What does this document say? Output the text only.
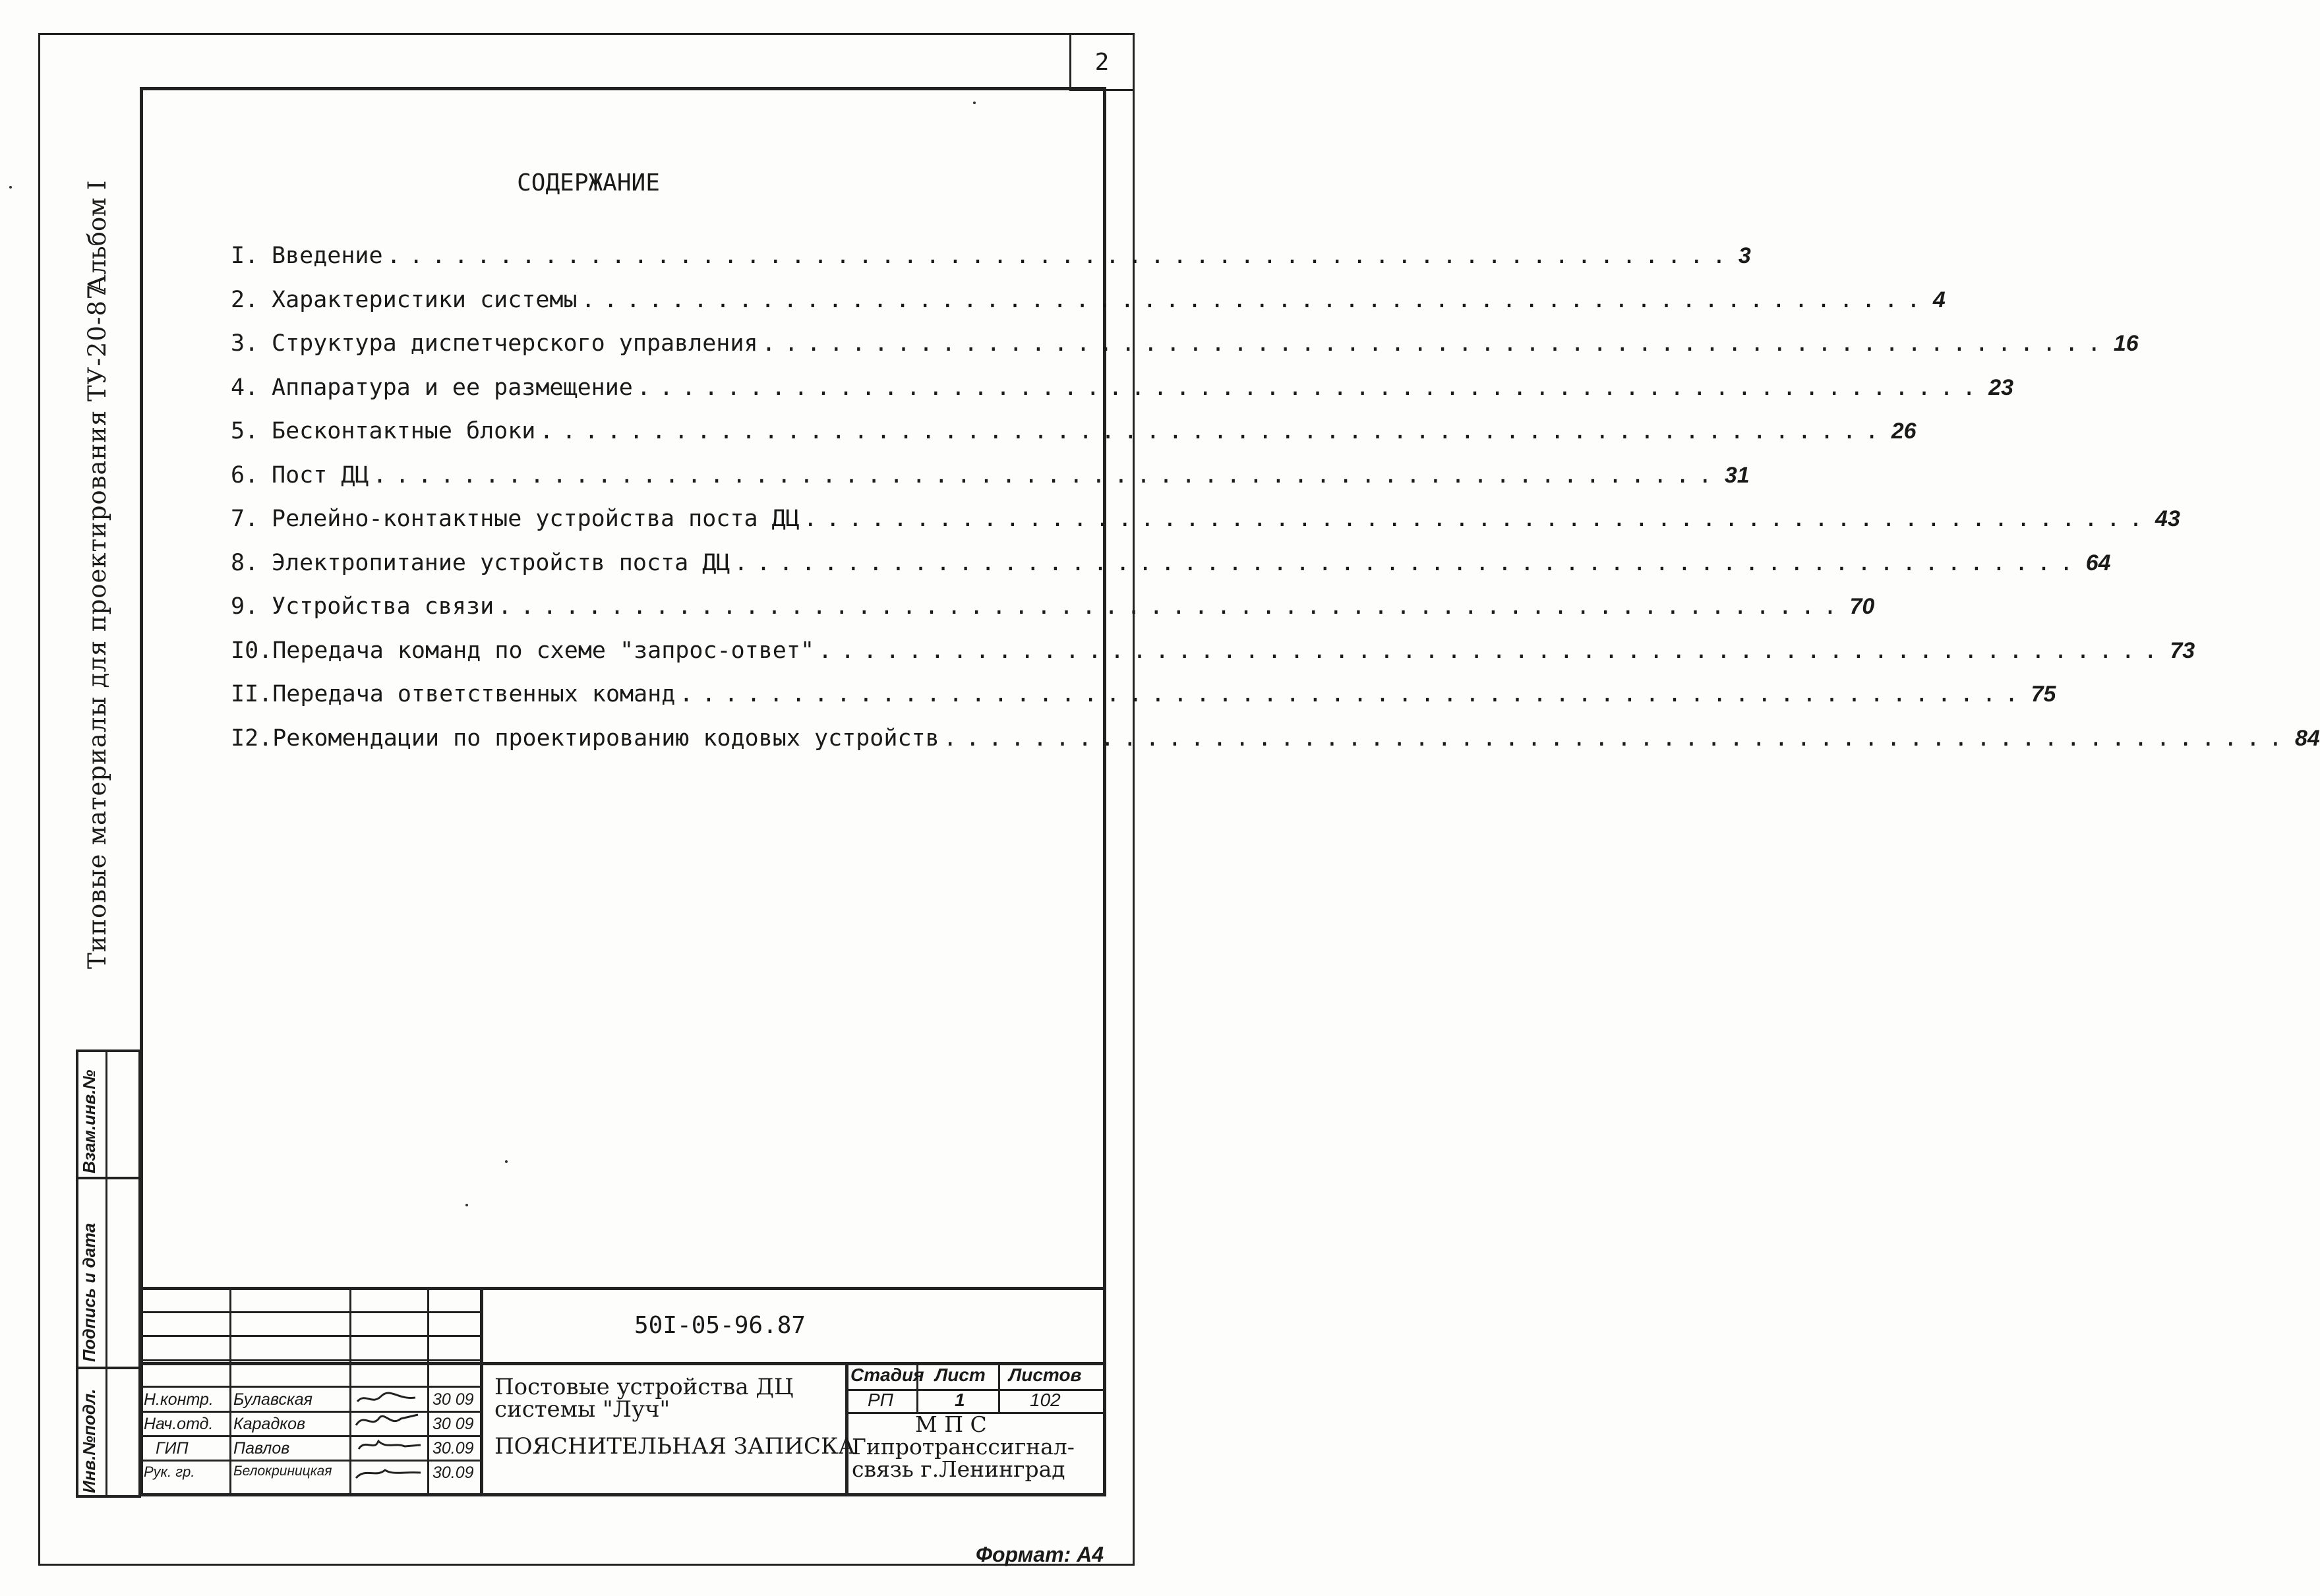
2
Типовые материалы для проектирования ТУ-20-87
Альбом I
Взам.инв.№
Подпись и дата
Инв.№подл.
СОДЕРЖАНИЕ
I. Введение ............................................................ 3
2. Характеристики системы ............................................................ 4
3. Структура диспетчерского управления ............................................................ 16
4. Аппаратура и ее размещение ............................................................ 23
5. Бесконтактные блоки ............................................................ 26
6. Пост ДЦ ............................................................ 31
7. Релейно-контактные устройства поста ДЦ ............................................................ 43
8. Электропитание устройств поста ДЦ ............................................................ 64
9. Устройства связи ............................................................ 70
I0. Передача команд по схеме "запрос-ответ" ............................................................ 73
II. Передача ответственных команд ............................................................ 75
I2. Рекомендации по проектированию кодовых устройств ............................................................ 84
Н.контр. Булавская	30 09
Нач.отд. Карадков	30 09
ГИП	Павлов	30.09
Рук. гр.	Белокриницкая	30.09
50I-05-96.87
Постовые устройства ДЦ
системы "Луч"
ПОЯСНИТЕЛЬНАЯ ЗАПИСКА
Стадия Лист Листов
РП	1	102
М П С
Гипротранссигнал-
связь г.Ленинград
Формат: А4
